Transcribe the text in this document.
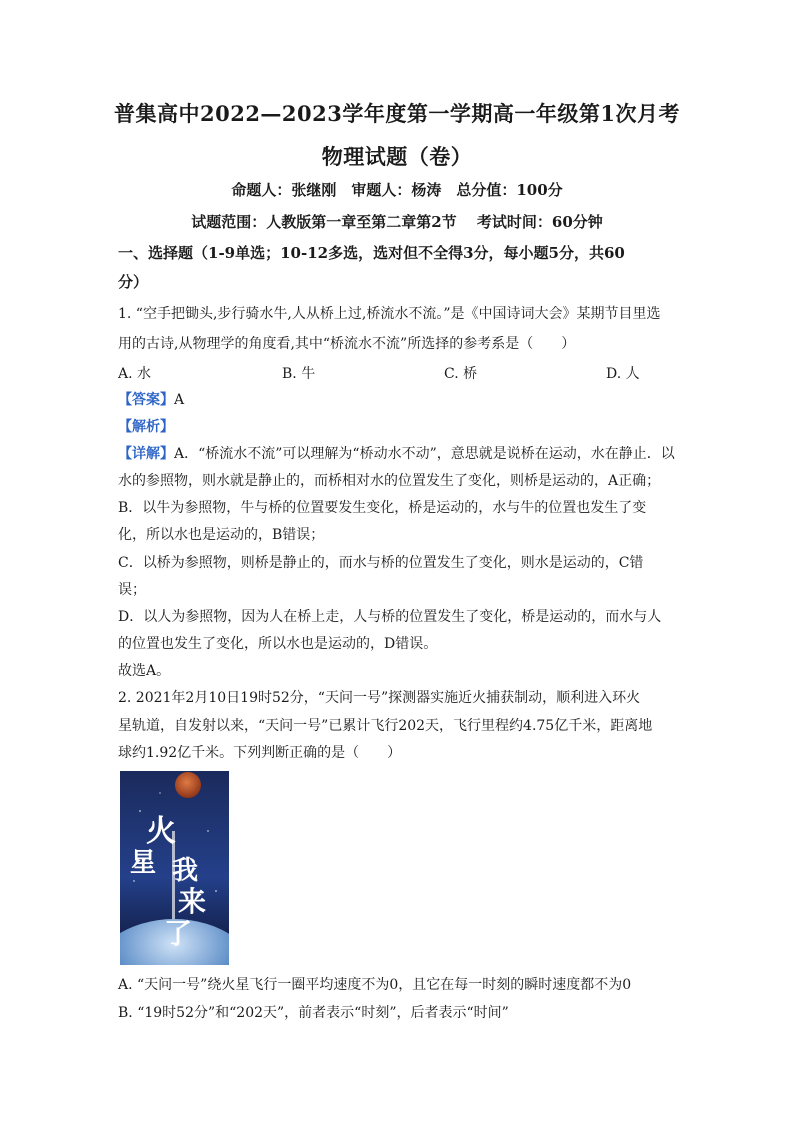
普集高中2022—2023学年度第一学期高一年级第1次月考
物理试题（卷）
命题人：张继刚　审题人：杨涛　总分值：100分
试题范围：人教版第一章至第二章第2节　 考试时间：60分钟
一、选择题（1-9单选；10-12多选，选对但不全得3分，每小题5分，共60
分）
1. “空手把锄头,步行骑水牛,人从桥上过,桥流水不流。”是《中国诗词大会》某期节目里选
用的古诗,从物理学的角度看,其中“桥流水不流”所选择的参考系是（　　）
A. 水	B. 牛	C. 桥	D. 人
【答案】A
【解析】
【详解】A．“桥流水不流”可以理解为“桥动水不动”，意思就是说桥在运动，水在静止．以
水的参照物，则水就是静止的，而桥相对水的位置发生了变化，则桥是运动的，A正确；
B．以牛为参照物，牛与桥的位置要发生变化，桥是运动的，水与牛的位置也发生了变
化，所以水也是运动的，B错误；
C．以桥为参照物，则桥是静止的，而水与桥的位置发生了变化，则水是运动的，C错
误；
D．以人为参照物，因为人在桥上走，人与桥的位置发生了变化，桥是运动的，而水与人
的位置也发生了变化，所以水也是运动的，D错误。
故选A。
2. 2021年2月10日19时52分，“天问一号”探测器实施近火捕获制动，顺利进入环火
星轨道，自发射以来，“天问一号”已累计飞行202天，飞行里程约4.75亿千米，距离地
球约1.92亿千米。下列判断正确的是（　　）
火
星 我
来
了
A. “天问一号”绕火星飞行一圈平均速度不为0，且它在每一时刻的瞬时速度都不为0
B. “19时52分”和“202天”，前者表示“时刻”，后者表示“时间”
